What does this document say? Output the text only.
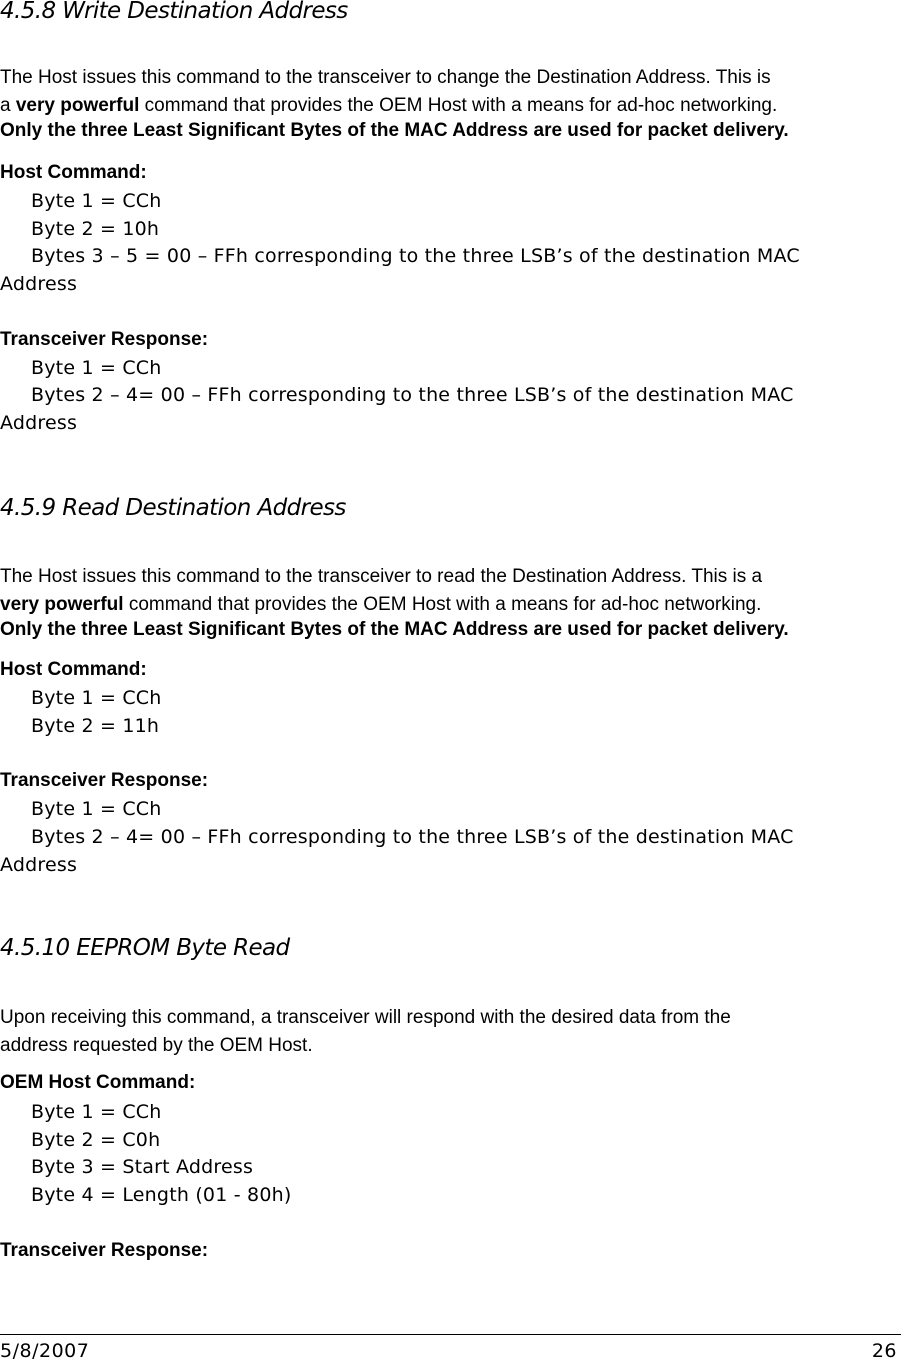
4.5.8 Write Destination Address
The Host issues this command to the transceiver to change the Destination Address. This is
a very powerful command that provides the OEM Host with a means for ad-hoc networking.
Only the three Least Significant Bytes of the MAC Address are used for packet delivery.
Host Command:
Byte 1 = CCh
Byte 2 = 10h
Bytes 3 – 5 = 00 – FFh corresponding to the three LSB’s of the destination MAC
Address
Transceiver Response:
Byte 1 = CCh
Bytes 2 – 4= 00 – FFh corresponding to the three LSB’s of the destination MAC
Address
4.5.9 Read Destination Address
The Host issues this command to the transceiver to read the Destination Address. This is a
very powerful command that provides the OEM Host with a means for ad-hoc networking.
Only the three Least Significant Bytes of the MAC Address are used for packet delivery.
Host Command:
Byte 1 = CCh
Byte 2 = 11h
Transceiver Response:
Byte 1 = CCh
Bytes 2 – 4= 00 – FFh corresponding to the three LSB’s of the destination MAC
Address
4.5.10 EEPROM Byte Read
Upon receiving this command, a transceiver will respond with the desired data from the
address requested by the OEM Host.
OEM Host Command:
Byte 1 = CCh
Byte 2 = C0h
Byte 3 = Start Address
Byte 4 = Length (01 - 80h)
Transceiver Response:
5/8/2007	26
